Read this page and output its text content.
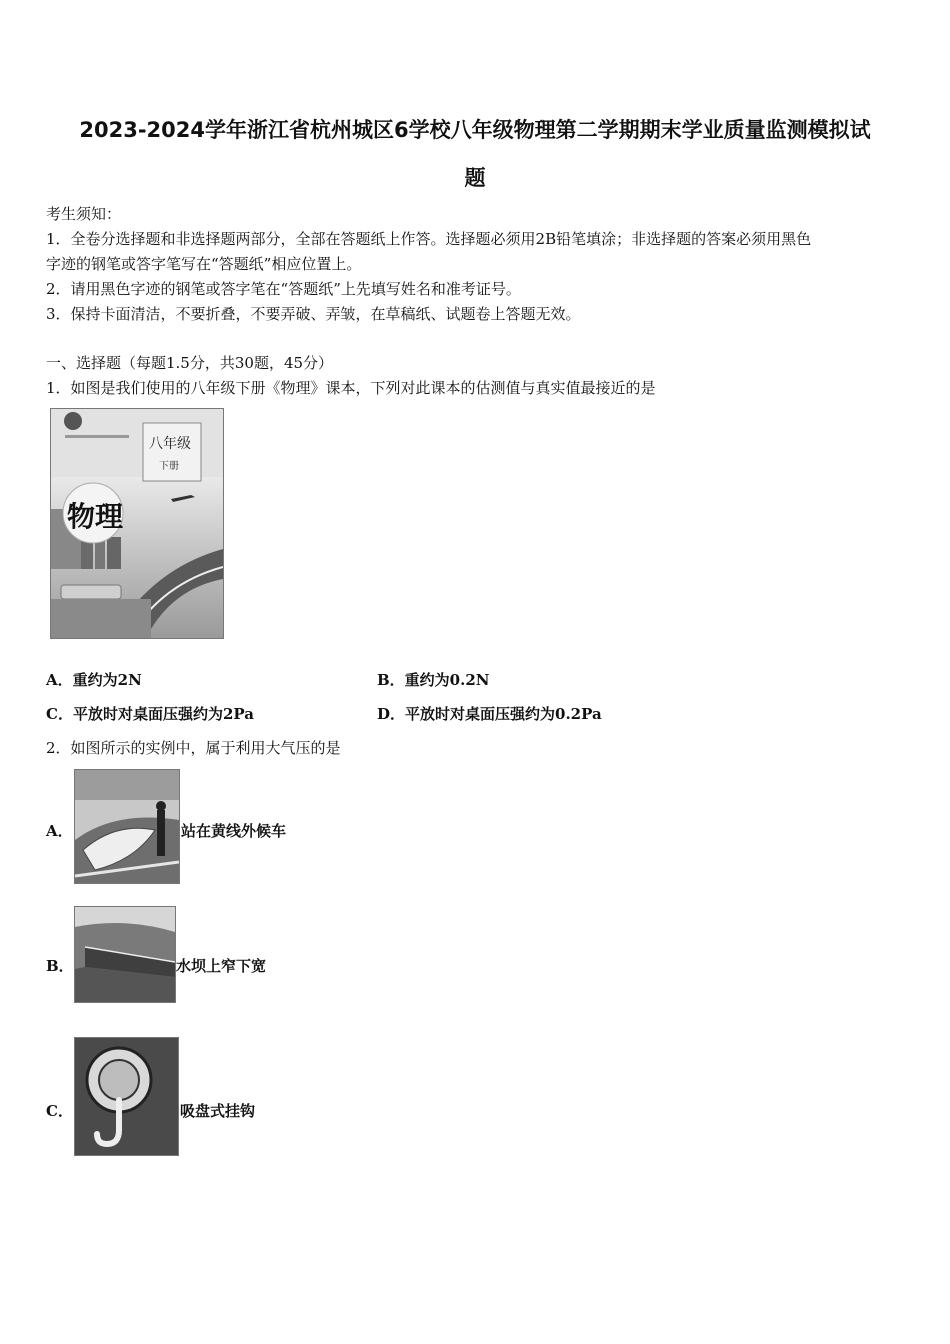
2023-2024学年浙江省杭州城区6学校八年级物理第二学期期末学业质量监测模拟试
题
考生须知：
1．全卷分选择题和非选择题两部分，全部在答题纸上作答。选择题必须用2B铅笔填涂；非选择题的答案必须用黑色
字迹的钢笔或答字笔写在“答题纸”相应位置上。
2．请用黑色字迹的钢笔或答字笔在“答题纸”上先填写姓名和准考证号。
3．保持卡面清洁，不要折叠，不要弄破、弄皱，在草稿纸、试题卷上答题无效。
一、选择题（每题1.5分，共30题，45分）
1．如图是我们使用的八年级下册《物理》课本，下列对此课本的估测值与真实值最接近的是
八年级
下册
物理
A．重约为2N	B．重约为0.2N
C．平放时对桌面压强约为2Pa	D．平放时对桌面压强约为0.2Pa
2．如图所示的实例中，属于利用大气压的是
A．	站在黄线外候车
B．	水坝上窄下宽
C．	吸盘式挂钩
